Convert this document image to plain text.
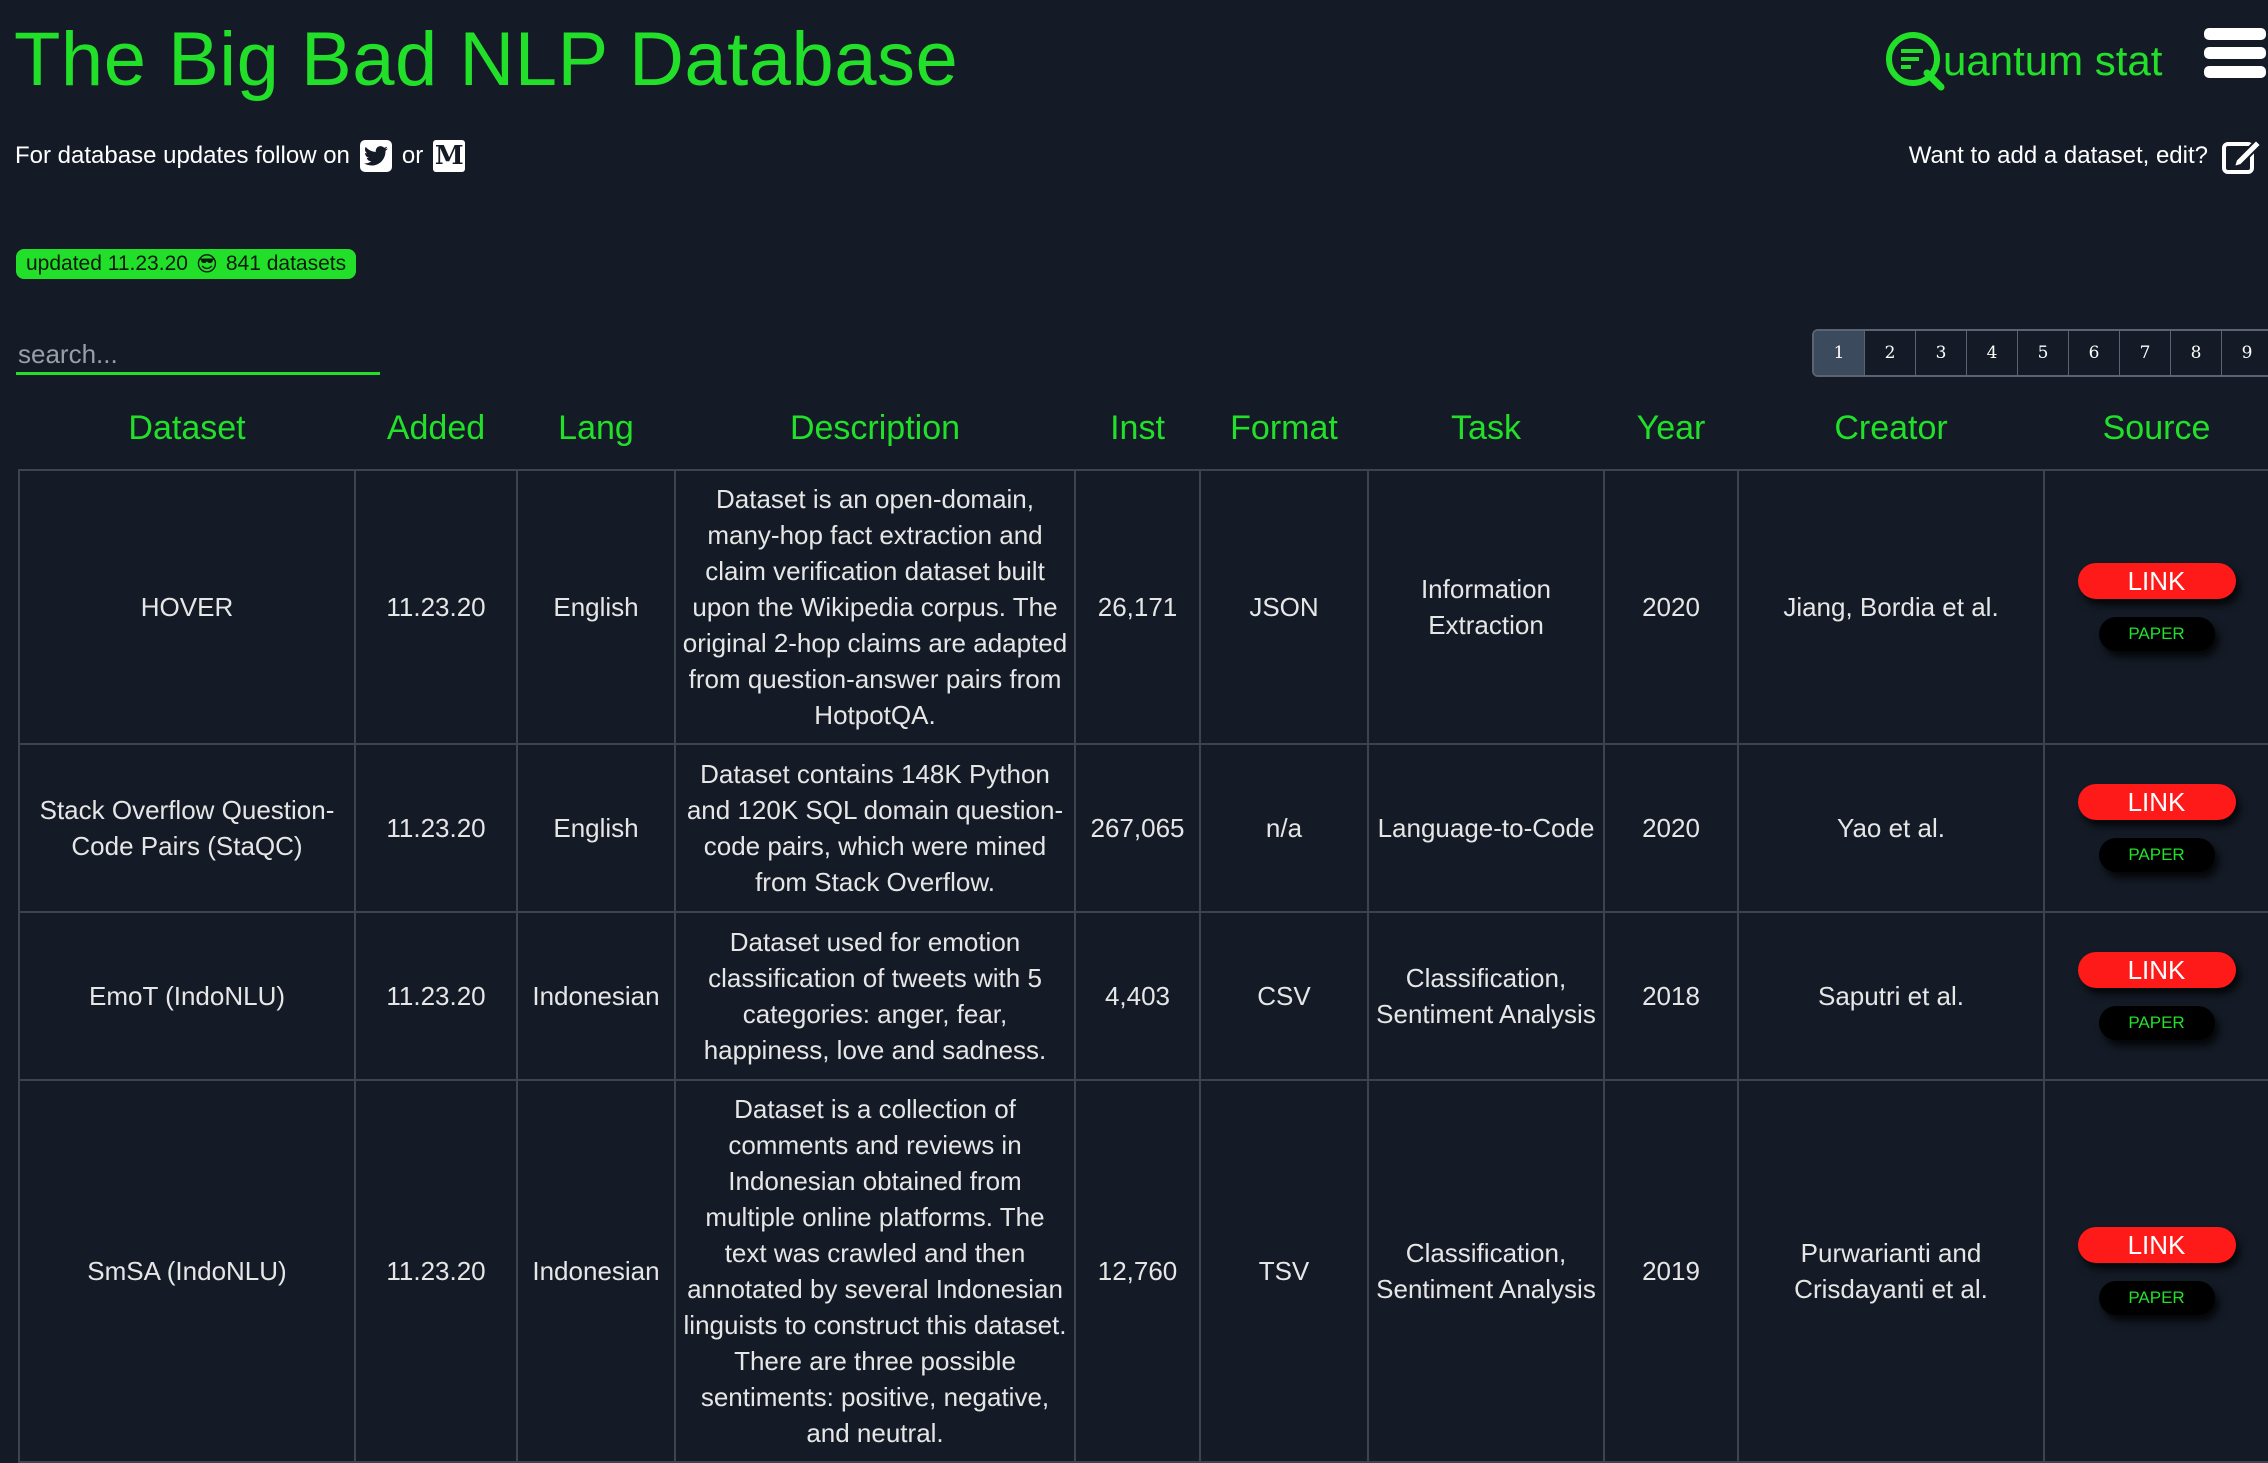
The Big Bad NLP Database	uantum stat
For database updates follow on or M	Want to add a dataset, edit?
updated 11.23.20 😎 841 datasets
search...
1	2	3	4	5	6	7	8	9
Dataset	Added	Lang	Description	Inst	Format	Task	Year	Creator	Source
HOVER	11.23.20	English	Dataset is an open-domain, many-hop fact extraction and claim verification dataset built upon the Wikipedia corpus. The original 2-hop claims are adapted from question-answer pairs from HotpotQA.	26,171	JSON	Information Extraction	2020	Jiang, Bordia et al.	LINK
PAPER

Stack Overflow Question-Code Pairs (StaQC)	11.23.20	English	Dataset contains 148K Python and 120K SQL domain question-code pairs, which were mined from Stack Overflow.	267,065	n/a	Language-to-Code	2020	Yao et al.	LINK
PAPER

EmoT (IndoNLU)	11.23.20	Indonesian	Dataset used for emotion classification of tweets with 5 categories: anger, fear, happiness, love and sadness.	4,403	CSV	Classification, Sentiment Analysis	2018	Saputri et al.	LINK
PAPER

SmSA (IndoNLU)	11.23.20	Indonesian	Dataset is a collection of comments and reviews in Indonesian obtained from multiple online platforms. The text was crawled and then annotated by several Indonesian linguists to construct this dataset. There are three possible sentiments: positive, negative, and neutral.	12,760	TSV	Classification, Sentiment Analysis	2019	Purwarianti and Crisdayanti et al.	LINK
PAPER
